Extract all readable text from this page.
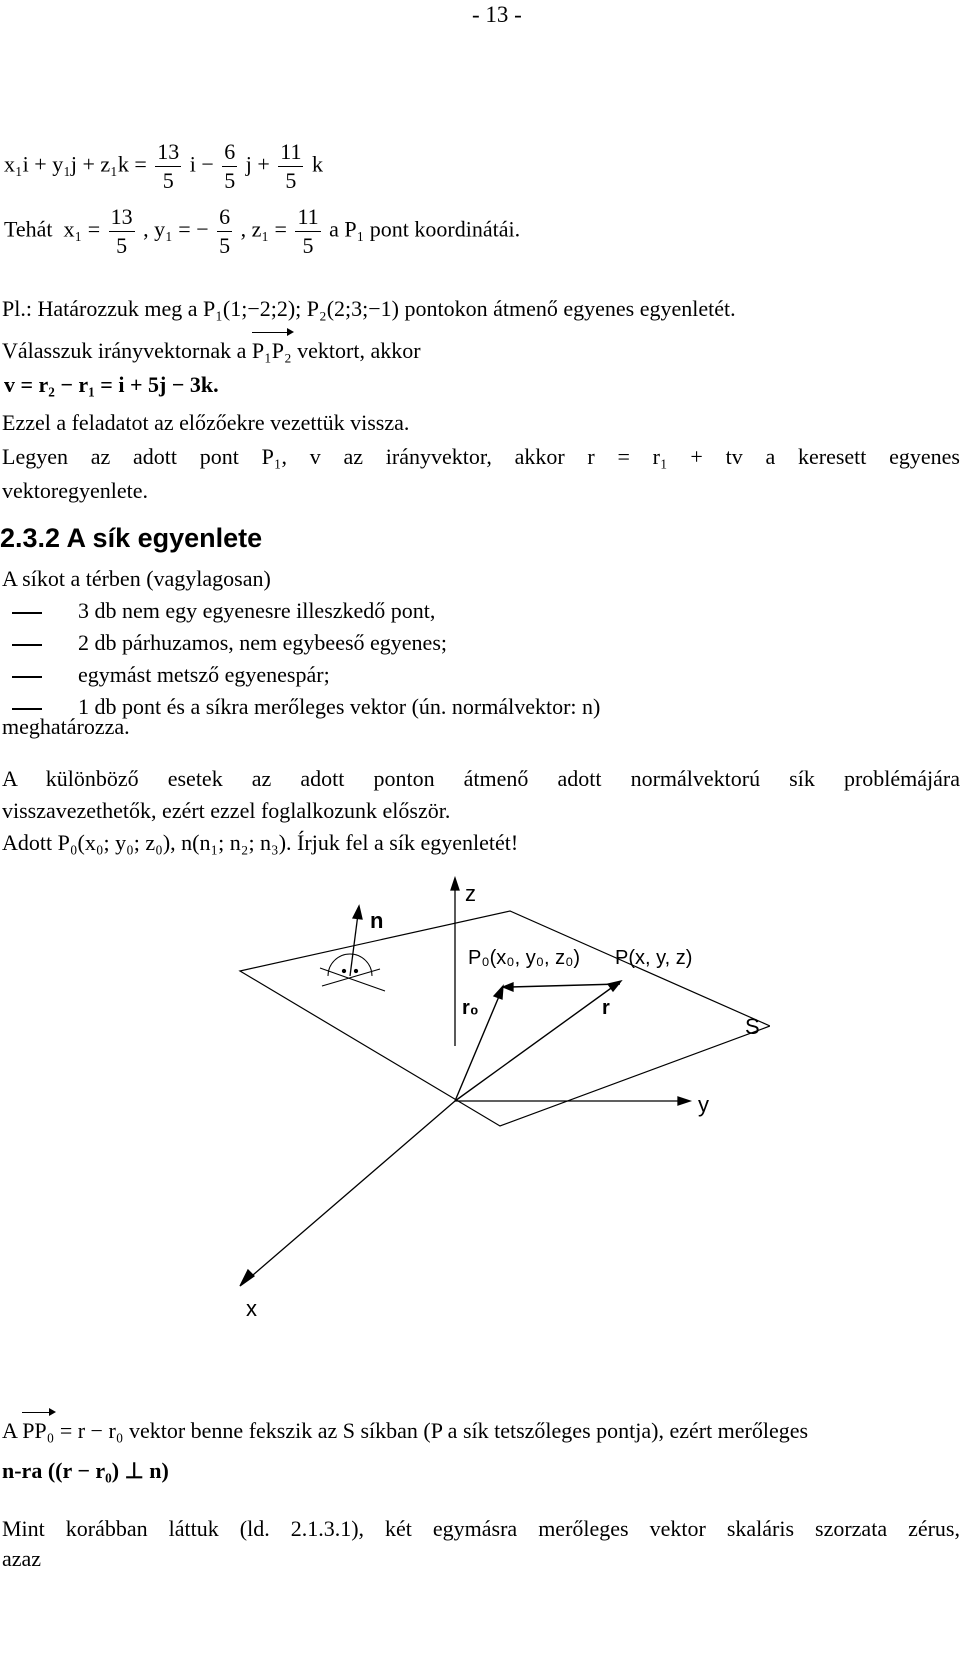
- 13 -
$x_1i + y_1j + z_1k = \frac{13}{5}$ $i - \frac{6}{5}$ $j + \frac{11}{5}$ k
Tehát $x_1 = \frac{13}{5}$ , y₁ = − $\frac{6}{5}$ , $z_1 = \frac{11}{5}$ a P₁ pont koordinátái.
Pl.: Határozzuk meg a P₁(1;−2;2); P₂(2;3;−1) pontokon átmenő egyenes egyenletét.
Válasszuk irányvektornak a P₁P₂ vektort, akkor
v = r₂ − r₁ = i + 5j − 3k.
Ezzel a feladatot az előzőekre vezettük vissza.
Legyen az adott pont P₁, v az irányvektor, akkor r = r₁ + tv a keresett egyenes
vektoregyenlete.
2.3.2 A sík egyenlete
A síkot a térben (vagylagosan)
3 db nem egy egyenesre illeszkedő pont,
2 db párhuzamos, nem egybeeső egyenes;
egymást metsző egyenespár;
1 db pont és a síkra merőleges vektor (ún. normálvektor: n)
meghatározza.
A különböző esetek az adott ponton átmenő adott normálvektorú sík problémájára
visszavezethetők, ezért ezzel foglalkozunk először.
Adott P₀(x₀; y₀; z₀), n(n₁; n₂; n₃). Írjuk fel a sík egyenletét!
z
n
P₀(x₀, y₀, z₀) P(x, y, z)
S
r₀	r
y
x
A PP₀ = r − r₀ vektor benne fekszik az S síkban (P a sík tetszőleges pontja), ezért merőleges
n-ra ((r − r₀) ⊥ n)
Mint korábban láttuk (ld. 2.1.3.1), két egymásra merőleges vektor skaláris szorzata zérus,
azaz
